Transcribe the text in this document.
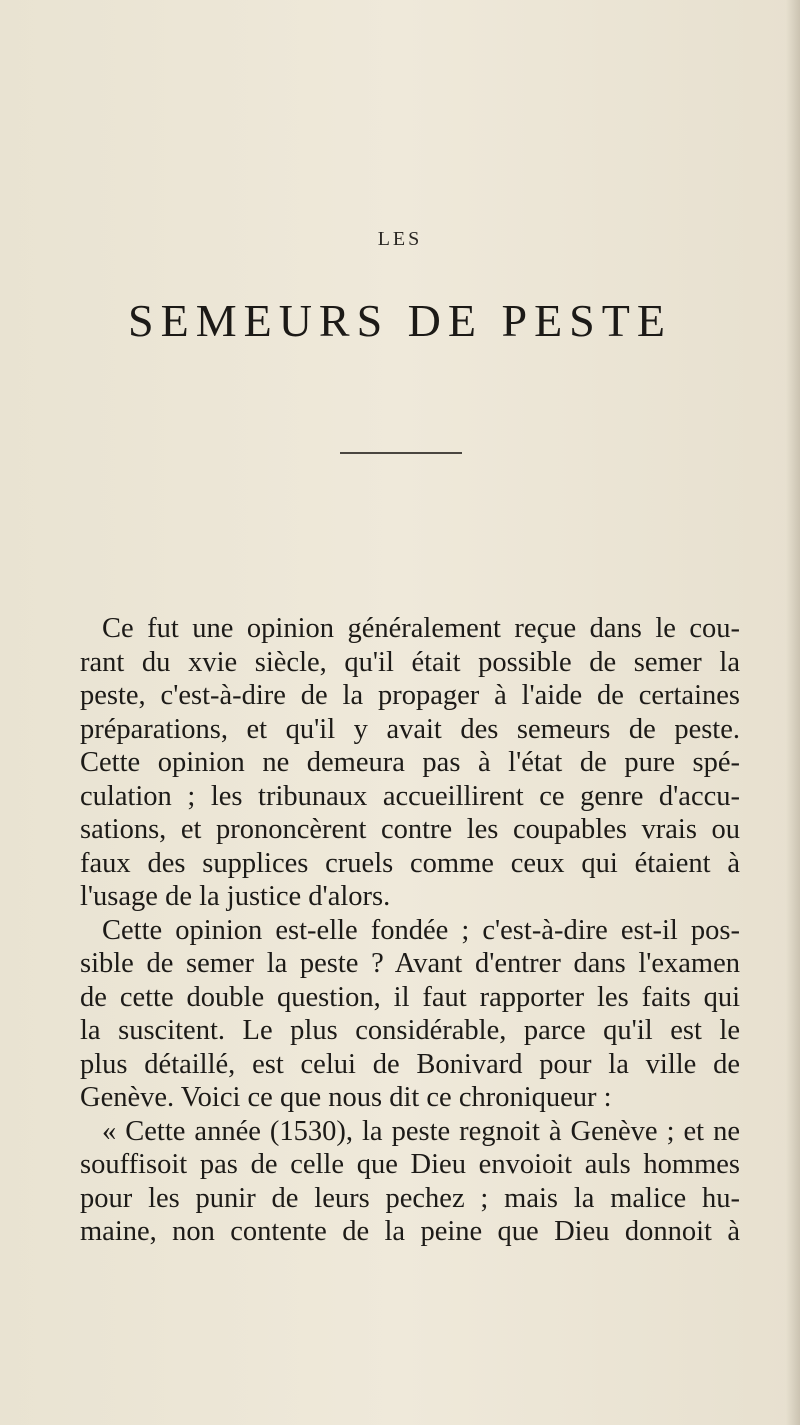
LES
SEMEURS DE PESTE
Ce fut une opinion généralement reçue dans le cou-
rant du xvie siècle, qu'il était possible de semer la
peste, c'est-à-dire de la propager à l'aide de certaines
préparations, et qu'il y avait des semeurs de peste.
Cette opinion ne demeura pas à l'état de pure spé-
culation ; les tribunaux accueillirent ce genre d'accu-
sations, et prononcèrent contre les coupables vrais ou
faux des supplices cruels comme ceux qui étaient à
l'usage de la justice d'alors.
Cette opinion est-elle fondée ; c'est-à-dire est-il pos-
sible de semer la peste ? Avant d'entrer dans l'examen
de cette double question, il faut rapporter les faits qui
la suscitent. Le plus considérable, parce qu'il est le
plus détaillé, est celui de Bonivard pour la ville de
Genève. Voici ce que nous dit ce chroniqueur :
« Cette année (1530), la peste regnoit à Genève ; et ne
souffisoit pas de celle que Dieu envoioit auls hommes
pour les punir de leurs pechez ; mais la malice hu-
maine, non contente de la peine que Dieu donnoit à
